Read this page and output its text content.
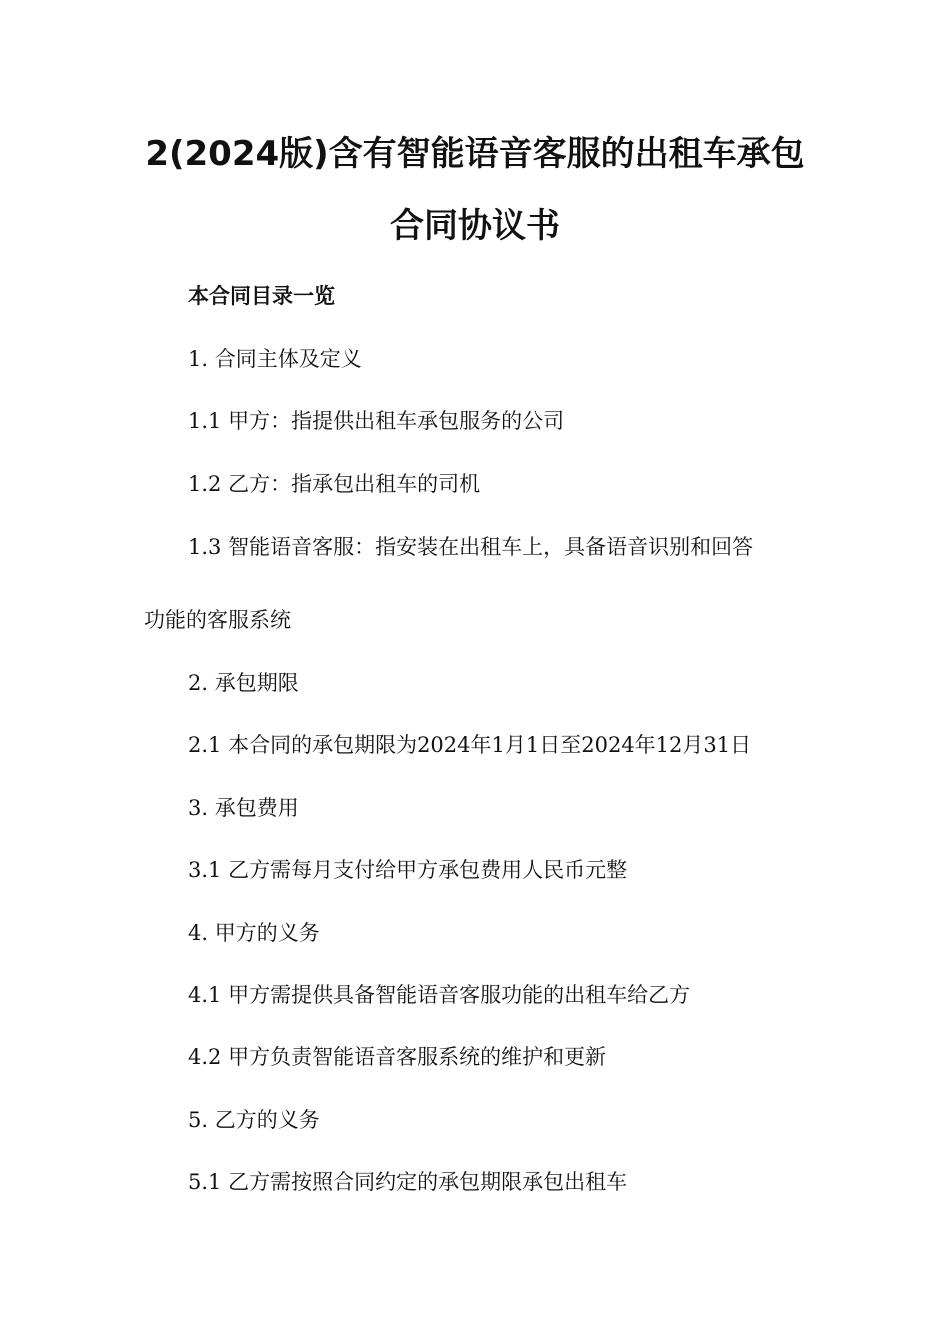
2(2024版)含有智能语音客服的出租车承包
合同协议书
本合同目录一览
1. 合同主体及定义
1.1 甲方：指提供出租车承包服务的公司
1.2 乙方：指承包出租车的司机
1.3 智能语音客服：指安装在出租车上，具备语音识别和回答
功能的客服系统
2. 承包期限
2.1 本合同的承包期限为2024年1月1日至2024年12月31日
3. 承包费用
3.1 乙方需每月支付给甲方承包费用人民币元整
4. 甲方的义务
4.1 甲方需提供具备智能语音客服功能的出租车给乙方
4.2 甲方负责智能语音客服系统的维护和更新
5. 乙方的义务
5.1 乙方需按照合同约定的承包期限承包出租车
